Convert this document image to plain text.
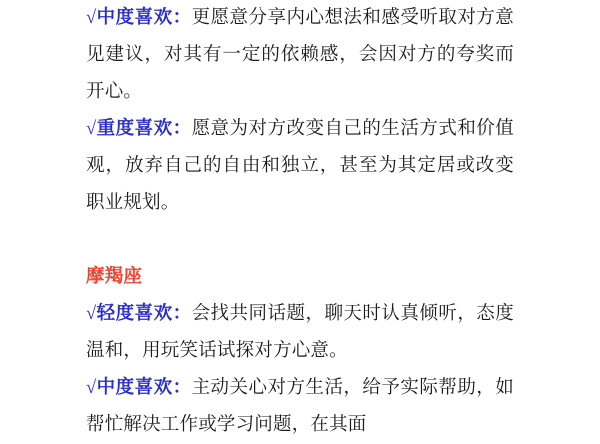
√中度喜欢：更愿意分享内心想法和感受听取对方意见建议，对其有一定的依赖感，会因对方的夸奖而开心。

√重度喜欢：愿意为对方改变自己的生活方式和价值观，放弃自己的自由和独立，甚至为其定居或改变职业规划。

摩羯座

√轻度喜欢：会找共同话题，聊天时认真倾听，态度温和，用玩笑话试探对方心意。

√中度喜欢：主动关心对方生活，给予实际帮助，如帮忙解决工作或学习问题，在其面
